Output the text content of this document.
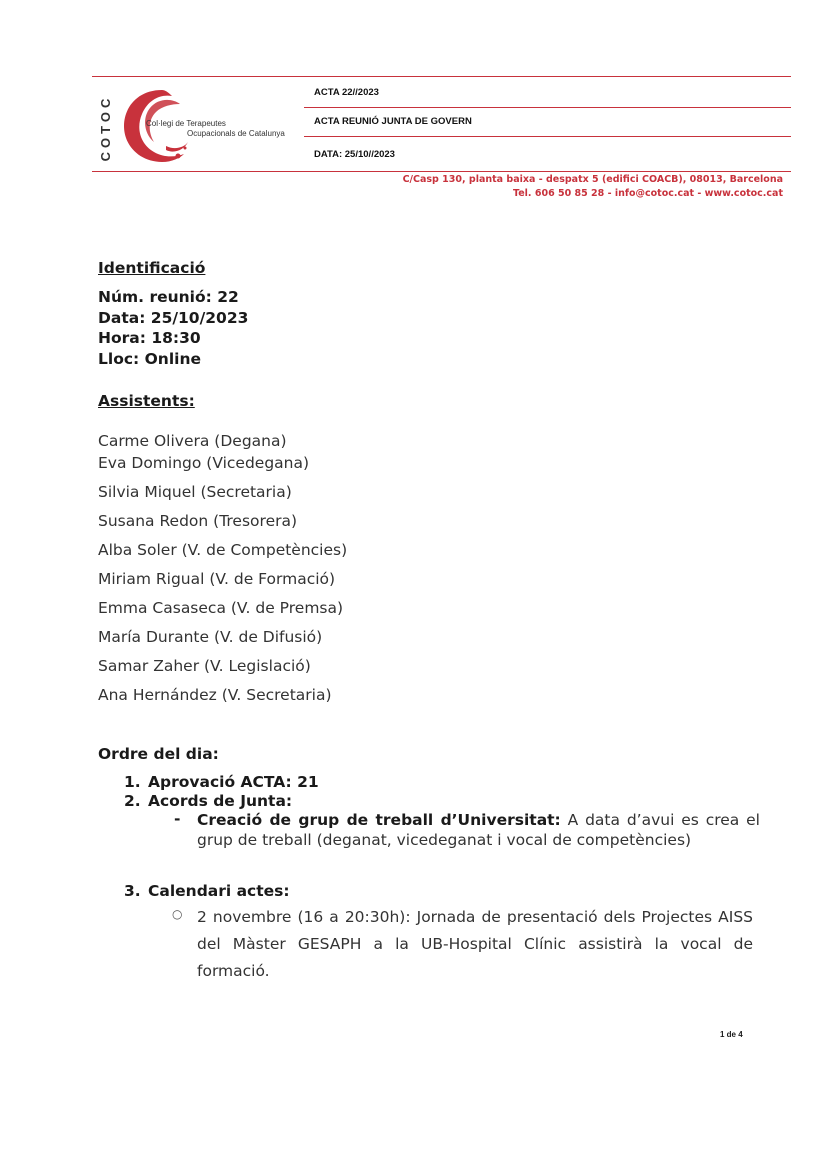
ACTA 22//2023
ACTA REUNIÓ JUNTA DE GOVERN
DATA: 25/10//2023
COTOC	Col·legi de Terapeutes
Ocupacionals de Catalunya
C/Casp 130, planta baixa - despatx 5 (edifici COACB), 08013, Barcelona
Tel. 606 50 85 28 - info@cotoc.cat - www.cotoc.cat
Identificació
Núm. reunió: 22
Data: 25/10/2023
Hora: 18:30
Lloc: Online
Assistents:
Carme Olivera (Degana)
Eva Domingo (Vicedegana)
Silvia Miquel (Secretaria)
Susana Redon (Tresorera)
Alba Soler (V. de Competències)
Miriam Rigual (V. de Formació)
Emma Casaseca (V. de Premsa)
María Durante (V. de Difusió)
Samar Zaher (V. Legislació)
Ana Hernández (V. Secretaria)
Ordre del dia:
1. Aprovació ACTA: 21
2. Acords de Junta:
- Creació de grup de treball d’Universitat: A data d’avui es crea el grup de treball (deganat, vicedeganat i vocal de competències)
3. Calendari actes:
○ 2 novembre (16 a 20:30h): Jornada de presentació dels Projectes AISS del Màster GESAPH a la UB-Hospital Clínic assistirà la vocal de formació.
1 de 4
